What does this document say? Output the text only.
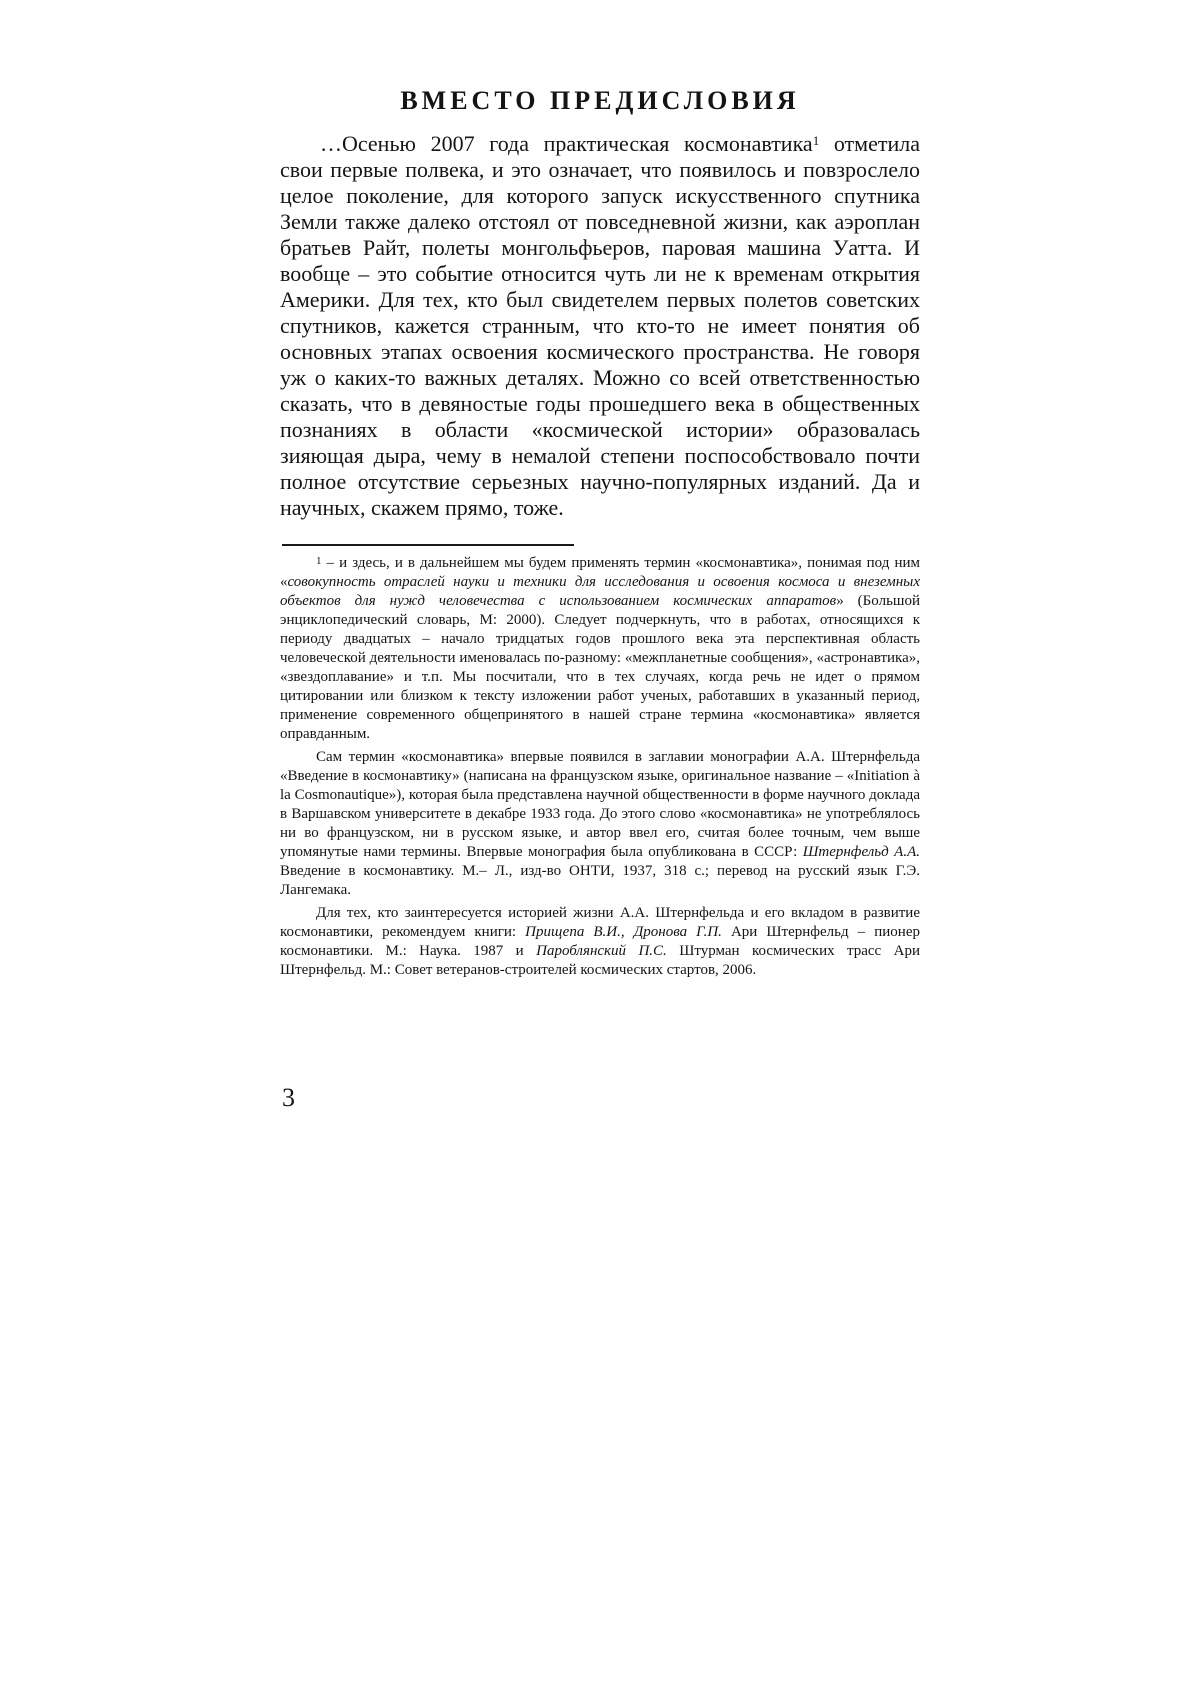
ВМЕСТО ПРЕДИСЛОВИЯ

…Осенью 2007 года практическая космонавтика$^1$ отметила свои первые полвека, и это означает, что появилось и повзрослело целое поколение, для которого запуск искусственного спутника Земли также далеко отстоял от повседневной жизни, как аэроплан братьев Райт, полеты монгольфьеров, паровая машина Уатта. И вообще – это событие относится чуть ли не к временам открытия Америки. Для тех, кто был свидетелем первых полетов советских спутников, кажется странным, что кто-то не имеет понятия об основных этапах освоения космического пространства. Не говоря уж о каких-то важных деталях. Можно со всей ответственностью сказать, что в девяностые годы прошедшего века в общественных познаниях в области «космической истории» образовалась зияющая дыра, чему в немалой степени поспособствовало почти полное отсутствие серьезных научно-популярных изданий. Да и научных, скажем прямо, тоже.

$^1$ – и здесь, и в дальнейшем мы будем применять термин «космонавтика», понимая под ним «совокупность отраслей науки и техники для исследования и освоения космоса и внеземных объектов для нужд человечества с использованием космических аппаратов» (Большой энциклопедический словарь, М: 2000). Следует подчеркнуть, что в работах, относящихся к периоду двадцатых – начало тридцатых годов прошлого века эта перспективная область человеческой деятельности именовалась по-разному: «межпланетные сообщения», «астронавтика», «звездоплавание» и т.п. Мы посчитали, что в тех случаях, когда речь не идет о прямом цитировании или близком к тексту изложении работ ученых, работавших в указанный период, применение современного общепринятого в нашей стране термина «космонавтика» является оправданным.

Сам термин «космонавтика» впервые появился в заглавии монографии А.А. Штернфельда «Введение в космонавтику» (написана на французском языке, оригинальное название – «Initiation à la Cosmonautique»), которая была представлена научной общественности в форме научного доклада в Варшавском университете в декабре 1933 года. До этого слово «космонавтика» не употреблялось ни во французском, ни в русском языке, и автор ввел его, считая более точным, чем выше упомянутые нами термины. Впервые монография была опубликована в СССР: Штернфельд А.А. Введение в космонавтику. М.– Л., изд-во ОНТИ, 1937, 318 с.; перевод на русский язык Г.Э. Лангемака.

Для тех, кто заинтересуется историей жизни А.А. Штернфельда и его вкладом в развитие космонавтики, рекомендуем книги: Прищепа В.И., Дронова Г.П. Ари Штернфельд – пионер космонавтики. М.: Наука. 1987 и Пароблянский П.С. Штурман космических трасс Ари Штернфельд. М.: Совет ветеранов-строителей космических стартов, 2006.

3
